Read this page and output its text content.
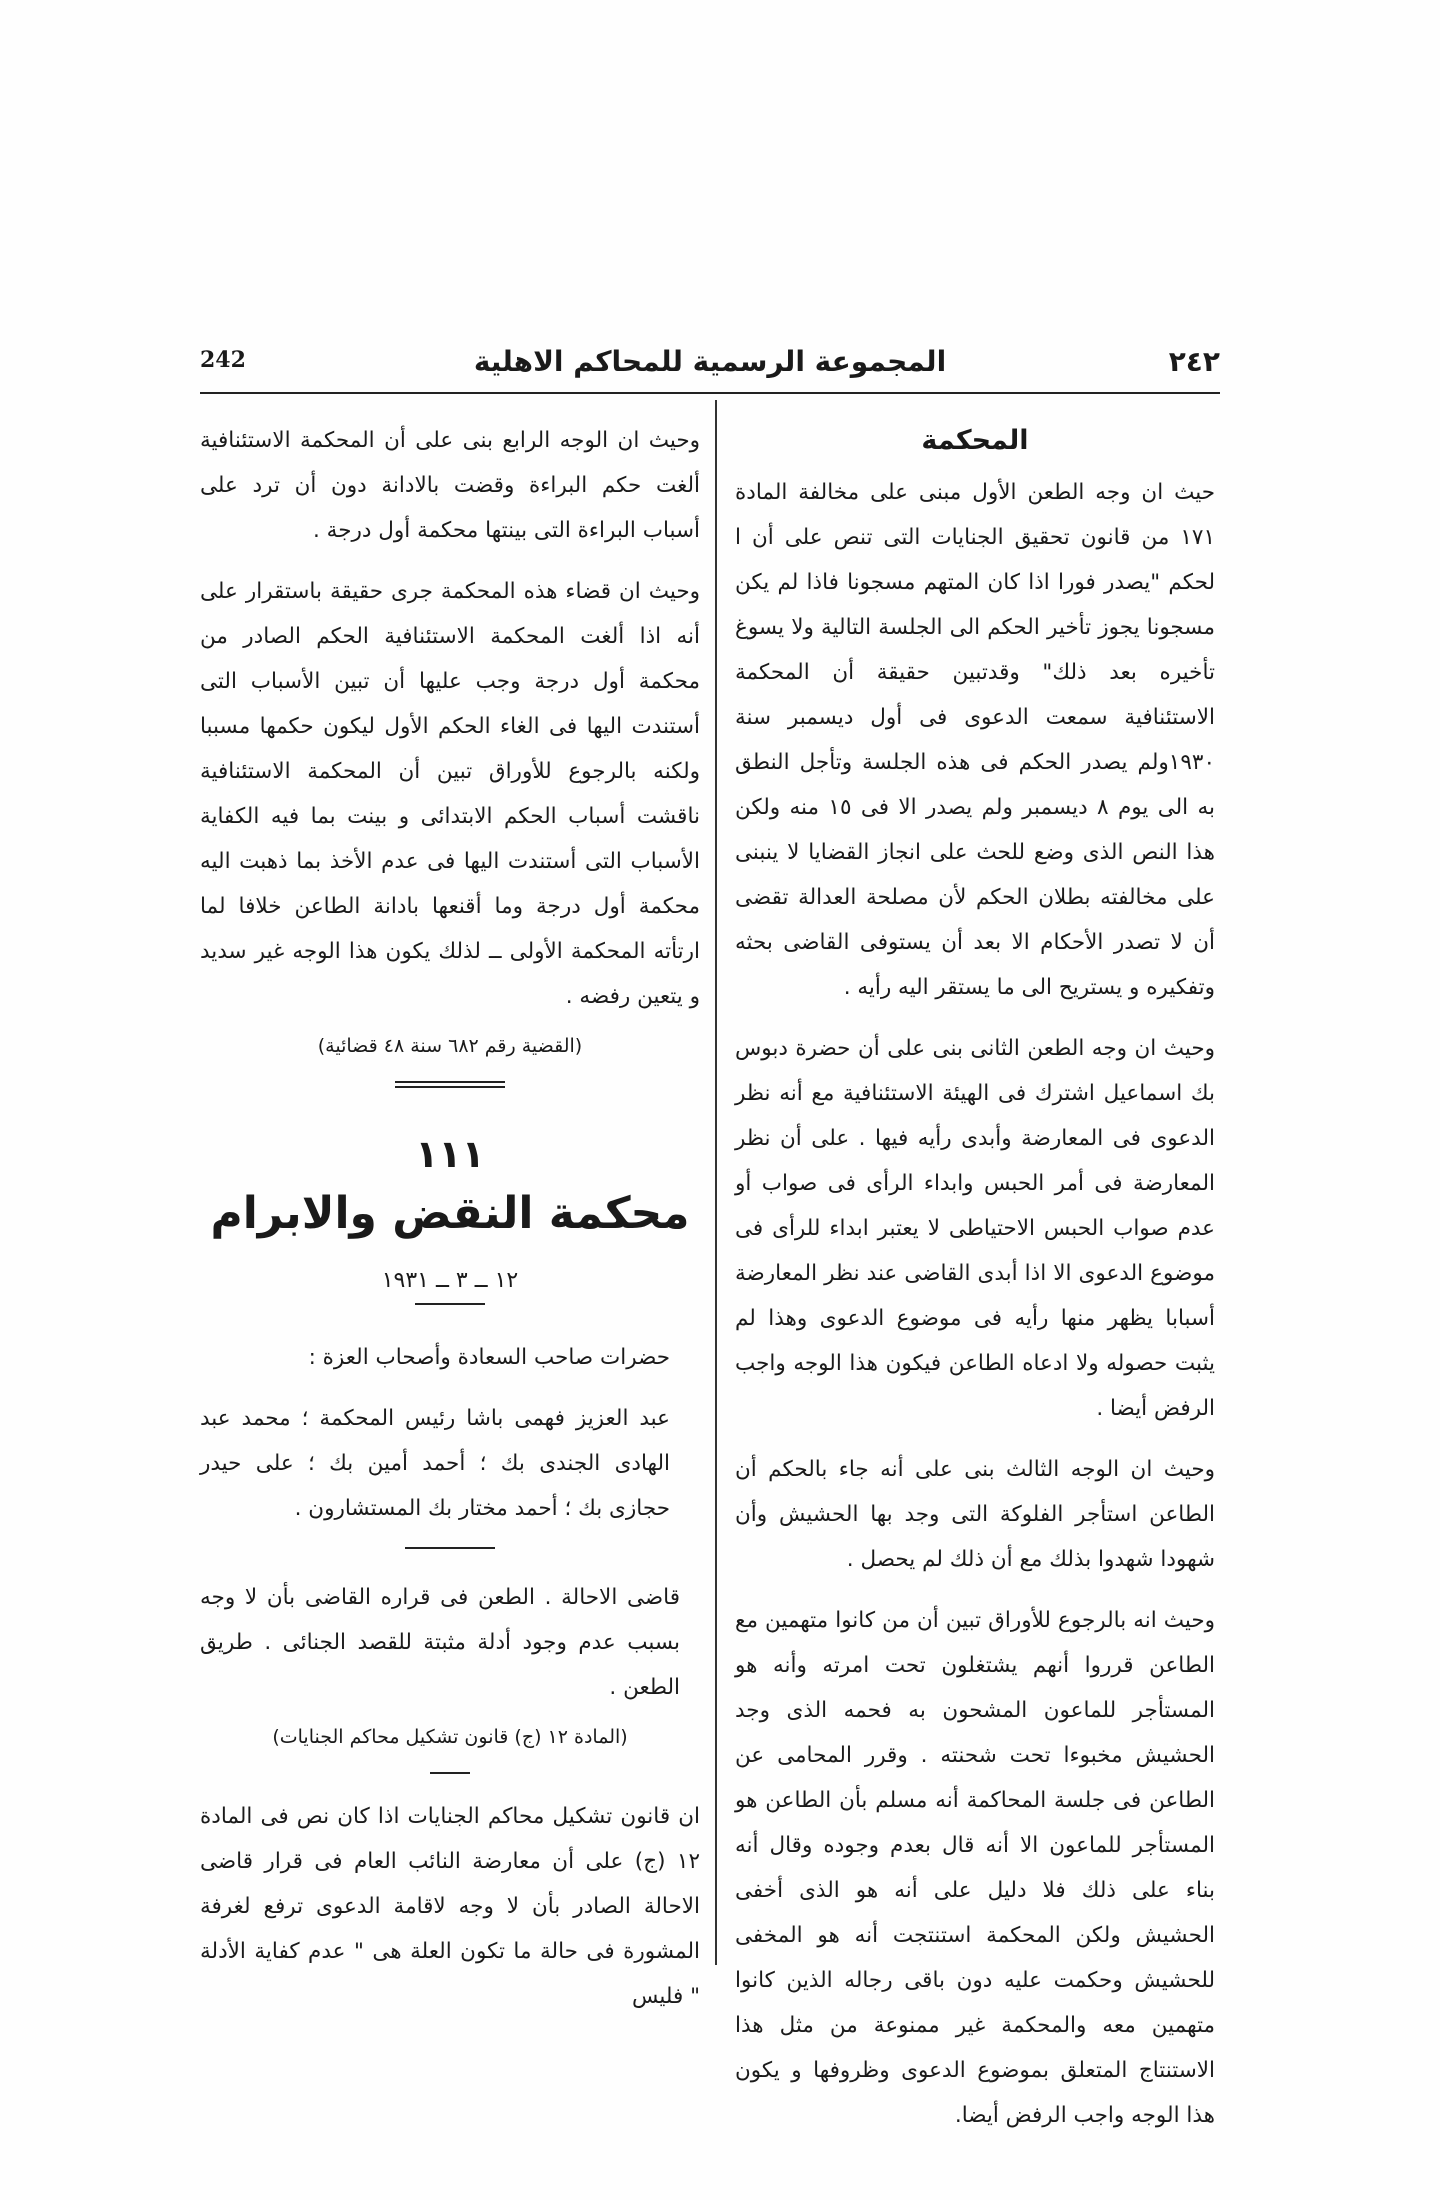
242	المجموعة الرسمية للمحاكم الاهلية	٢٤٢
المحكمة

حيث ان وجه الطعن الأول مبنى على مخالفة المادة ١٧١ من قانون تحقيق الجنايات التى تنص على أن ا لحكم "يصدر فورا اذا كان المتهم مسجونا فاذا لم يكن مسجونا يجوز تأخير الحكم الى الجلسة التالية ولا يسوغ تأخيره بعد ذلك" وقدتبين حقيقة أن المحكمة الاستئنافية سمعت الدعوى فى أول ديسمبر سنة ١٩٣٠ولم يصدر الحكم فى هذه الجلسة وتأجل النطق به الى يوم ٨ ديسمبر ولم يصدر الا فى ١٥ منه ولكن هذا النص الذى وضع للحث على انجاز القضايا لا ينبنى على مخالفته بطلان الحكم لأن مصلحة العدالة تقضى أن لا تصدر الأحكام الا بعد أن يستوفى القاضى بحثه وتفكيره و يستريح الى ما يستقر اليه رأيه .

وحيث ان وجه الطعن الثانى بنى على أن حضرة دبوس بك اسماعيل اشترك فى الهيئة الاستئنافية مع أنه نظر الدعوى فى المعارضة وأبدى رأيه فيها . على أن نظر المعارضة فى أمر الحبس وابداء الرأى فى صواب أو عدم صواب الحبس الاحتياطى لا يعتبر ابداء للرأى فى موضوع الدعوى الا اذا أبدى القاضى عند نظر المعارضة أسبابا يظهر منها رأيه فى موضوع الدعوى وهذا لم يثبت حصوله ولا ادعاه الطاعن فيكون هذا الوجه واجب الرفض أيضا .

وحيث ان الوجه الثالث بنى على أنه جاء بالحكم أن الطاعن استأجر الفلوكة التى وجد بها الحشيش وأن شهودا شهدوا بذلك مع أن ذلك لم يحصل .

وحيث انه بالرجوع للأوراق تبين أن من كانوا متهمين مع الطاعن قرروا أنهم يشتغلون تحت امرته وأنه هو المستأجر للماعون المشحون به فحمه الذى وجد الحشيش مخبوءا تحت شحنته . وقرر المحامى عن الطاعن فى جلسة المحاكمة أنه مسلم بأن الطاعن هو المستأجر للماعون الا أنه قال بعدم وجوده وقال أنه بناء على ذلك فلا دليل على أنه هو الذى أخفى الحشيش ولكن المحكمة استنتجت أنه هو المخفى للحشيش وحكمت عليه دون باقى رجاله الذين كانوا متهمين معه والمحكمة غير ممنوعة من مثل هذا الاستنتاج المتعلق بموضوع الدعوى وظروفها و يكون هذا الوجه واجب الرفض أيضا.

وحيث ان الوجه الرابع بنى على أن المحكمة الاستئنافية ألغت حكم البراءة وقضت بالادانة دون أن ترد على أسباب البراءة التى بينتها محكمة أول درجة .

وحيث ان قضاء هذه المحكمة جرى حقيقة باستقرار على أنه اذا ألغت المحكمة الاستئنافية الحكم الصادر من محكمة أول درجة وجب عليها أن تبين الأسباب التى أستندت اليها فى الغاء الحكم الأول ليكون حكمها مسببا ولكنه بالرجوع للأوراق تبين أن المحكمة الاستئنافية ناقشت أسباب الحكم الابتدائى و بينت بما فيه الكفاية الأسباب التى أستندت اليها فى عدم الأخذ بما ذهبت اليه محكمة أول درجة وما أقنعها بادانة الطاعن خلافا لما ارتأته المحكمة الأولى ــ لذلك يكون هذا الوجه غير سديد و يتعين رفضه .

(القضية رقم ٦٨٢ سنة ٤٨ قضائية)
١١١
محكمة النقض والابرام
١٢ ــ ٣ ــ ١٩٣١

حضرات صاحب السعادة وأصحاب العزة :

عبد العزيز فهمى باشا رئيس المحكمة ؛ محمد عبد الهادى الجندى بك ؛ أحمد أمين بك ؛ على حيدر حجازى بك ؛ أحمد مختار بك المستشارون .

قاضى الاحالة . الطعن فى قراره القاضى بأن لا وجه بسبب عدم وجود أدلة مثبتة للقصد الجنائى . طريق الطعن .

(المادة ١٢ (ج) قانون تشكيل محاكم الجنايات)

ان قانون تشكيل محاكم الجنايات اذا كان نص فى المادة ١٢ (ج) على أن معارضة النائب العام فى قرار قاضى الاحالة الصادر بأن لا وجه لاقامة الدعوى ترفع لغرفة المشورة فى حالة ما تكون العلة هى " عدم كفاية الأدلة " فليس
